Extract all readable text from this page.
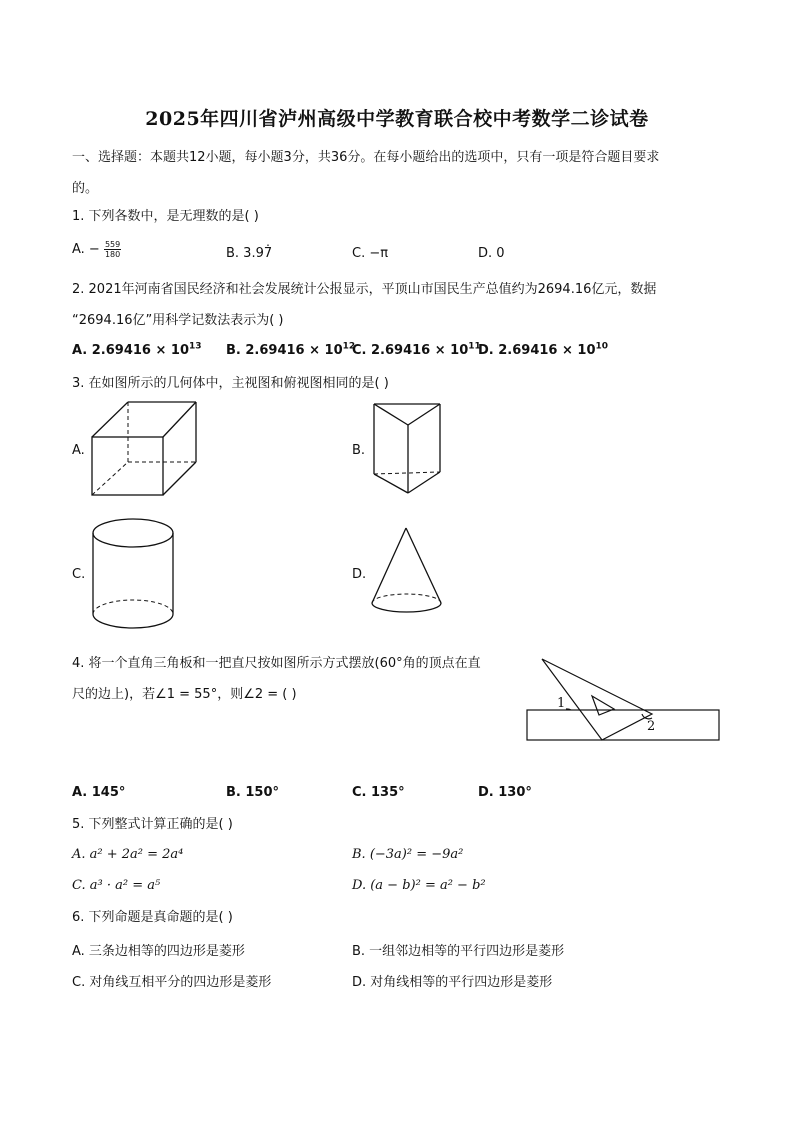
2025年四川省泸州高级中学教育联合校中考数学二诊试卷
一、选择题：本题共12小题，每小题3分，共36分。在每小题给出的选项中，只有一项是符合题目要求
的。
1. 下列各数中，是无理数的是( )
A. − $\frac{559}{180}$	B. 3.97̇	C. −π	D. 0
2. 2021年河南省国民经济和社会发展统计公报显示，平顶山市国民生产总值约为2694.16亿元，数据
“2694.16亿”用科学记数法表示为( )
A. $2.69416 \times 10^{13}$ B. $2.69416 \times 10^{12}$
C. $2.69416 \times 10^{11}$
D. $2.69416 \times 10^{10}$
3. 在如图所示的几何体中，主视图和俯视图相同的是( )
A.	B.
C.	D.
4. 将一个直角三角板和一把直尺按如图所示方式摆放(60°角的顶点在直
尺的边上)，若∠1 = 55°，则∠2 = ( )
1
2
A. 145°	B. 150°	C. 135°	D. 130°
5. 下列整式计算正确的是( )
A. a² + 2a² = 2a⁴	B. (−3a)² = −9a²
C. a³ · a² = a⁵	D. (a − b)² = a² − b²
6. 下列命题是真命题的是( )
A. 三条边相等的四边形是菱形	B. 一组邻边相等的平行四边形是菱形
C. 对角线互相平分的四边形是菱形	D. 对角线相等的平行四边形是菱形
